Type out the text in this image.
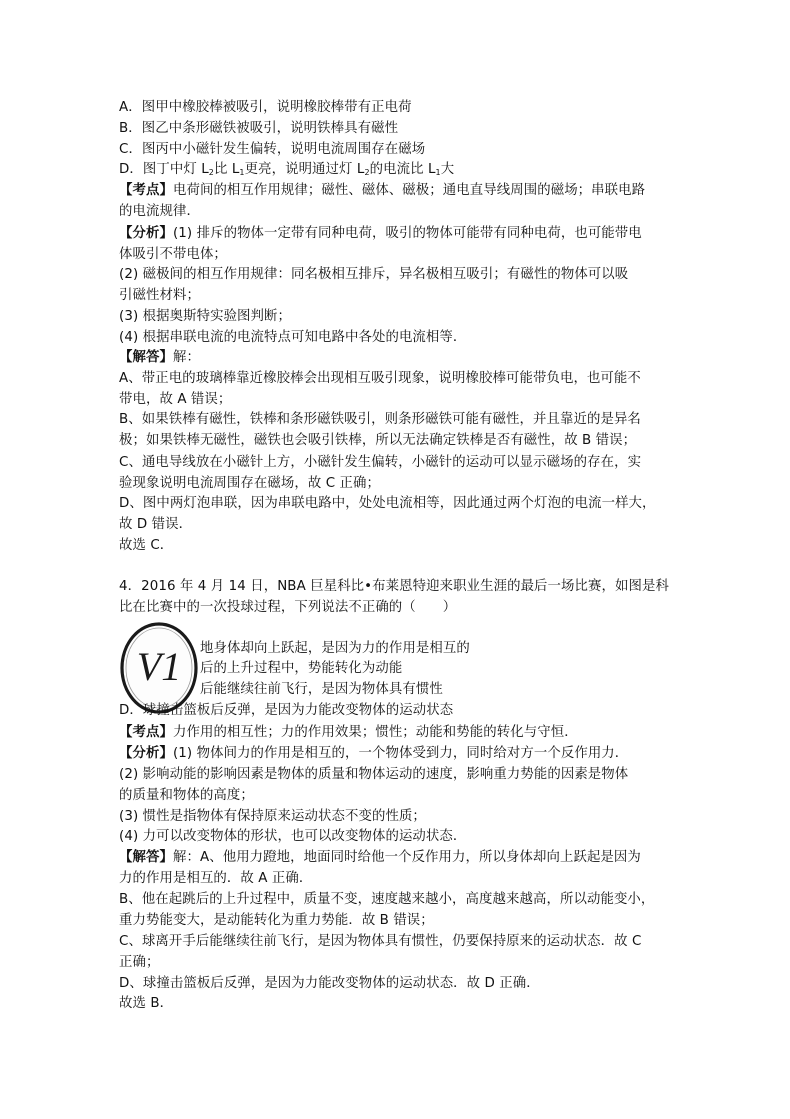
A．图甲中橡胶棒被吸引，说明橡胶棒带有正电荷
B．图乙中条形磁铁被吸引，说明铁棒具有磁性
C．图丙中小磁针发生偏转，说明电流周围存在磁场
D．图丁中灯 $L_2$比 $L_1$更亮，说明通过灯 $L_2$的电流比 $L_1$大
【考点】电荷间的相互作用规律；磁性、磁体、磁极；通电直导线周围的磁场；串联电路
的电流规律．
【分析】(1) 排斥的物体一定带有同种电荷，吸引的物体可能带有同种电荷，也可能带电
体吸引不带电体；
(2) 磁极间的相互作用规律：同名极相互排斥，异名极相互吸引；有磁性的物体可以吸
引磁性材料；
(3) 根据奥斯特实验图判断；
(4) 根据串联电流的电流特点可知电路中各处的电流相等．
【解答】解：
A、带正电的玻璃棒靠近橡胶棒会出现相互吸引现象，说明橡胶棒可能带负电，也可能不
带电，故 A 错误；
B、如果铁棒有磁性，铁棒和条形磁铁吸引，则条形磁铁可能有磁性，并且靠近的是异名
极；如果铁棒无磁性，磁铁也会吸引铁棒，所以无法确定铁棒是否有磁性，故 B 错误；
C、通电导线放在小磁针上方，小磁针发生偏转，小磁针的运动可以显示磁场的存在，实
验现象说明电流周围存在磁场，故 C 正确；
D、图中两灯泡串联，因为串联电路中，处处电流相等，因此通过两个灯泡的电流一样大，
故 D 错误．
故选 C．
4．2016 年 4 月 14 日，NBA 巨星科比•布莱恩特迎来职业生涯的最后一场比赛，如图是科
比在比赛中的一次投球过程，下列说法不正确的（　　）
V1 地身体却向上跃起，是因为力的作用是相互的
后的上升过程中，势能转化为动能
后能继续往前飞行，是因为物体具有惯性
D．球撞击篮板后反弹，是因为力能改变物体的运动状态
【考点】力作用的相互性；力的作用效果；惯性；动能和势能的转化与守恒．
【分析】(1) 物体间力的作用是相互的，一个物体受到力，同时给对方一个反作用力．
(2) 影响动能的影响因素是物体的质量和物体运动的速度，影响重力势能的因素是物体
的质量和物体的高度；
(3) 惯性是指物体有保持原来运动状态不变的性质；
(4) 力可以改变物体的形状，也可以改变物体的运动状态．
【解答】解：A、他用力蹬地，地面同时给他一个反作用力，所以身体却向上跃起是因为
力的作用是相互的．故 A 正确．
B、他在起跳后的上升过程中，质量不变，速度越来越小，高度越来越高，所以动能变小，
重力势能变大，是动能转化为重力势能．故 B 错误；
C、球离开手后能继续往前飞行，是因为物体具有惯性，仍要保持原来的运动状态．故 C
正确；
D、球撞击篮板后反弹，是因为力能改变物体的运动状态．故 D 正确．
故选 B．
